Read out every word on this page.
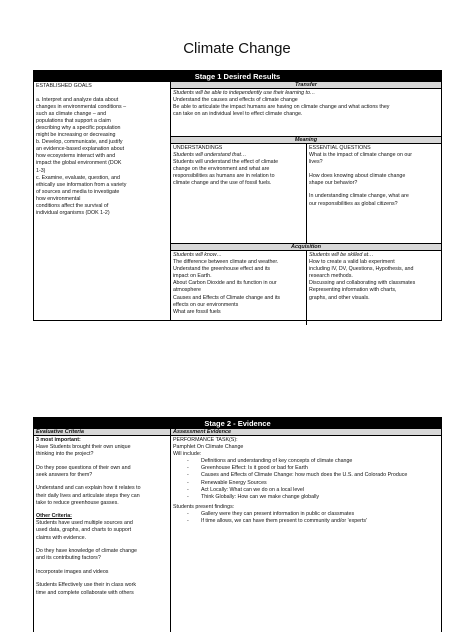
Climate Change
Stage 1 Desired Results

ESTABLISHED GOALS

a. Interpret and analyze data about

changes in environmental conditions –

such as climate change – and

populations that support a claim

describing why a specific population

might be increasing or decreasing

b. Develop, communicate, and justify

an evidence-based explanation about

how ecosystems interact with and

impact the global environment (DOK

1-3)

c. Examine, evaluate, question, and

ethically use information from a variety

of sources and media to investigate

how environmental

conditions affect the survival of

individual organisms (DOK 1-2)

Transfer

Students will be able to independently use their learning to…

Understand the causes and effects of climate change

Be able to articulate the impact humans are having on climate change and what actions they

can take on an individual level to effect climate change.

Meaning

UNDERSTANDINGS

Students will understand that…

Students will understand the effect of climate

change on the environment and what are

responsibilities as humans are in relation to

climate change and the use of fossil fuels.

ESSENTIAL QUESTIONS

What is the impact of climate change on our

lives?

How does knowing about climate change

shape our behavior?

In understanding climate change, what are

our responsibilities as global citizens?

Acquisition

Students will know…

The difference between climate and weather.

Understand the greenhouse effect and its

impact on Earth.

About Carbon Dioxide and its function in our

atmosphere

Causes and Effects of Climate change and its

effects on our environments

What are fossil fuels

Students will be skilled at…

How to create a valid lab experiment

including IV, DV, Questions, Hypothesis, and

research methods.

Discussing and collaborating with classmates

Representing information with charts,

graphs, and other visuals.

Stage 2 - Evidence
Evaluative Criteria

3 most important:

Have Students brought their own unique

thinking into the project?

Do they pose questions of their own and

seek answers for them?

Understand and can explain how it relates to

their daily lives and articulate steps they can

take to reduce greenhouse gasses.

Other Criteria:

Students have used multiple sources and

used data, graphs, and charts to support

claims with evidence.

Do they have knowledge of climate change

and its contributing factors?

Incorporate images and videos

Students Effectively use their in class work

time and complete collaborate with others

Assessment Evidence

PERFORMANCE TASK(S):

Pamphlet On Climate Change

Will include:

- Definitions and understanding of key concepts of climate change
- Greenhouse Effect: Is it good or bad for Earth
- Causes and Effects of Climate Change: how much does the U.S. and Colorado Produce
- Renewable Energy Sources
- Act Locally: What can we do on a local level
- Think Globally: How can we make change globally

Students present findings:

- Gallery were they can present information in public or classmates
- If time allows, we can have them present to community and/or 'experts'
